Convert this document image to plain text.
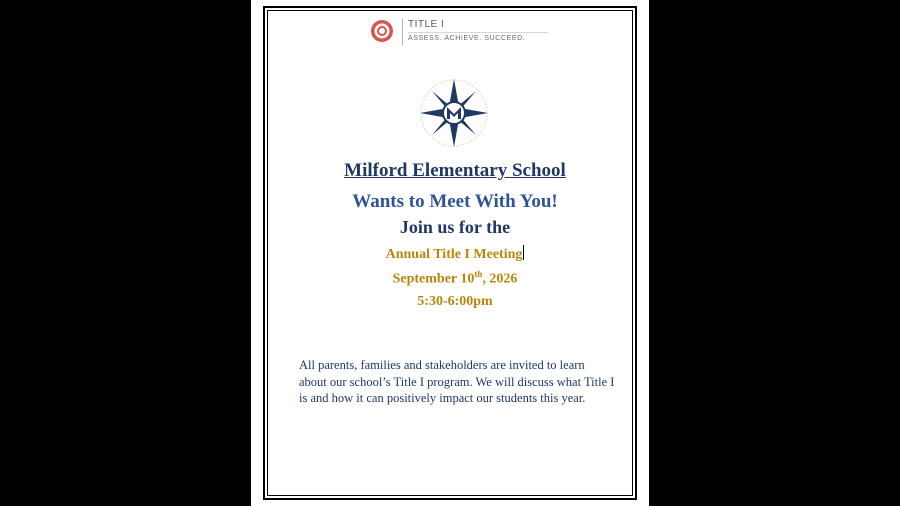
TITLE I
ASSESS. ACHIEVE. SUCCEED.
Milford Elementary School
Wants to Meet With You!
Join us for the
Annual Title I Meeting
September 10th, 2026
5:30-6:00pm
All parents, families and stakeholders are invited to learn about our school’s Title I program. We will discuss what Title I is and how it can positively impact our students this year.
